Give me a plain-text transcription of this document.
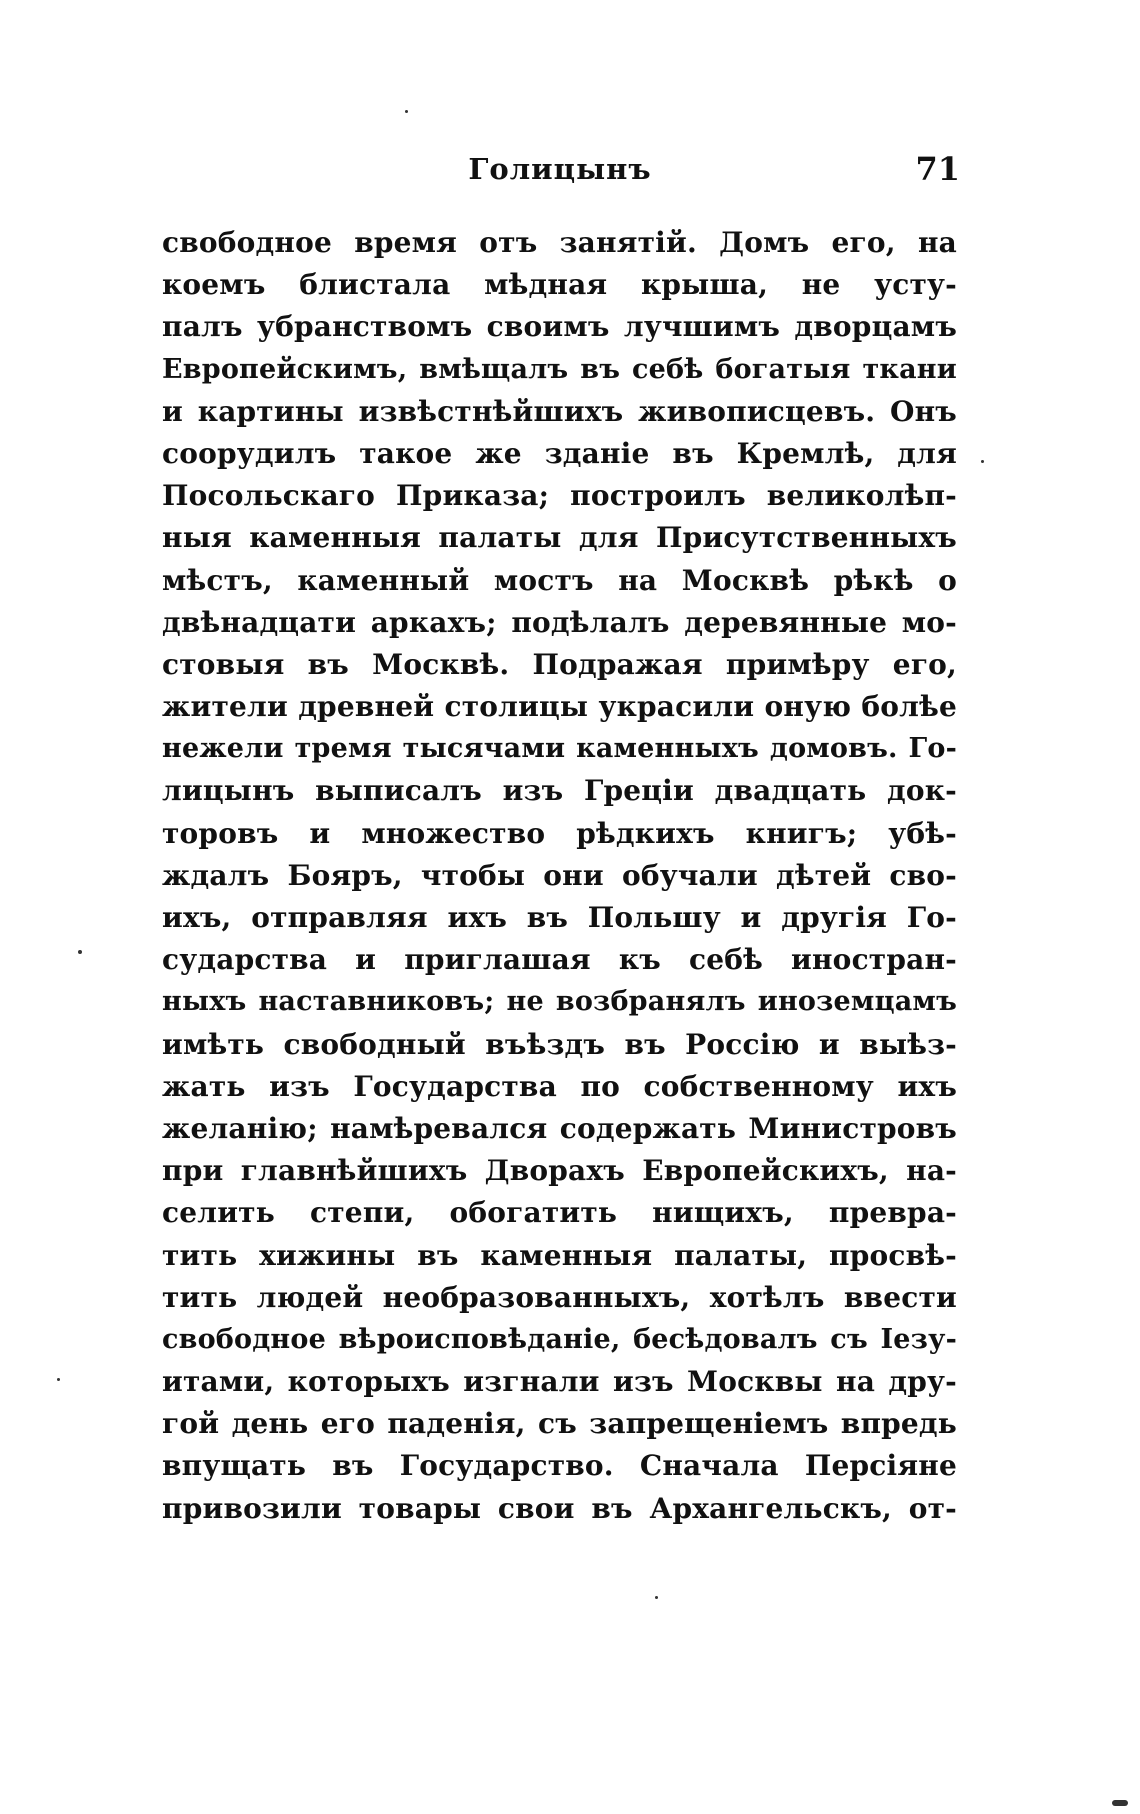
Голицынъ	71
свободное время отъ занятій. Домъ его, на
коемъ блистала мѣдная крыша, не усту-
палъ убранствомъ своимъ лучшимъ дворцамъ
Европейскимъ, вмѣщалъ въ себѣ богатыя ткани
и картины извѣстнѣйшихъ живописцевъ. Онъ
соорудилъ такое же зданіе въ Кремлѣ, для
Посольскаго Приказа; построилъ великолѣп-
ныя каменныя палаты для Присутственныхъ
мѣстъ, каменный мостъ на Москвѣ рѣкѣ о
двѣнадцати аркахъ; подѣлалъ деревянные мо-
стовыя въ Москвѣ. Подражая примѣру его,
жители древней столицы украсили оную болѣе
нежели тремя тысячами каменныхъ домовъ. Го-
лицынъ выписалъ изъ Греціи двадцать док-
торовъ и множество рѣдкихъ книгъ; убѣ-
ждалъ Бояръ, чтобы они обучали дѣтей сво-
ихъ, отправляя ихъ въ Польшу и другія Го-
сударства и приглашая къ себѣ иностран-
ныхъ наставниковъ; не возбранялъ иноземцамъ
имѣть свободный въѣздъ въ Россію и выѣз-
жать изъ Государства по собственному ихъ
желанію; намѣревался содержать Министровъ
при главнѣйшихъ Дворахъ Европейскихъ, на-
селить степи, обогатить нищихъ, превра-
тить хижины въ каменныя палаты, просвѣ-
тить людей необразованныхъ, хотѣлъ ввести
свободное вѣроисповѣданіе, бесѣдовалъ съ Іезу-
итами, которыхъ изгнали изъ Москвы на дру-
гой день его паденія, съ запрещеніемъ впредь
впущать въ Государство. Сначала Персіяне
привозили товары свои въ Архангельскъ, от-
